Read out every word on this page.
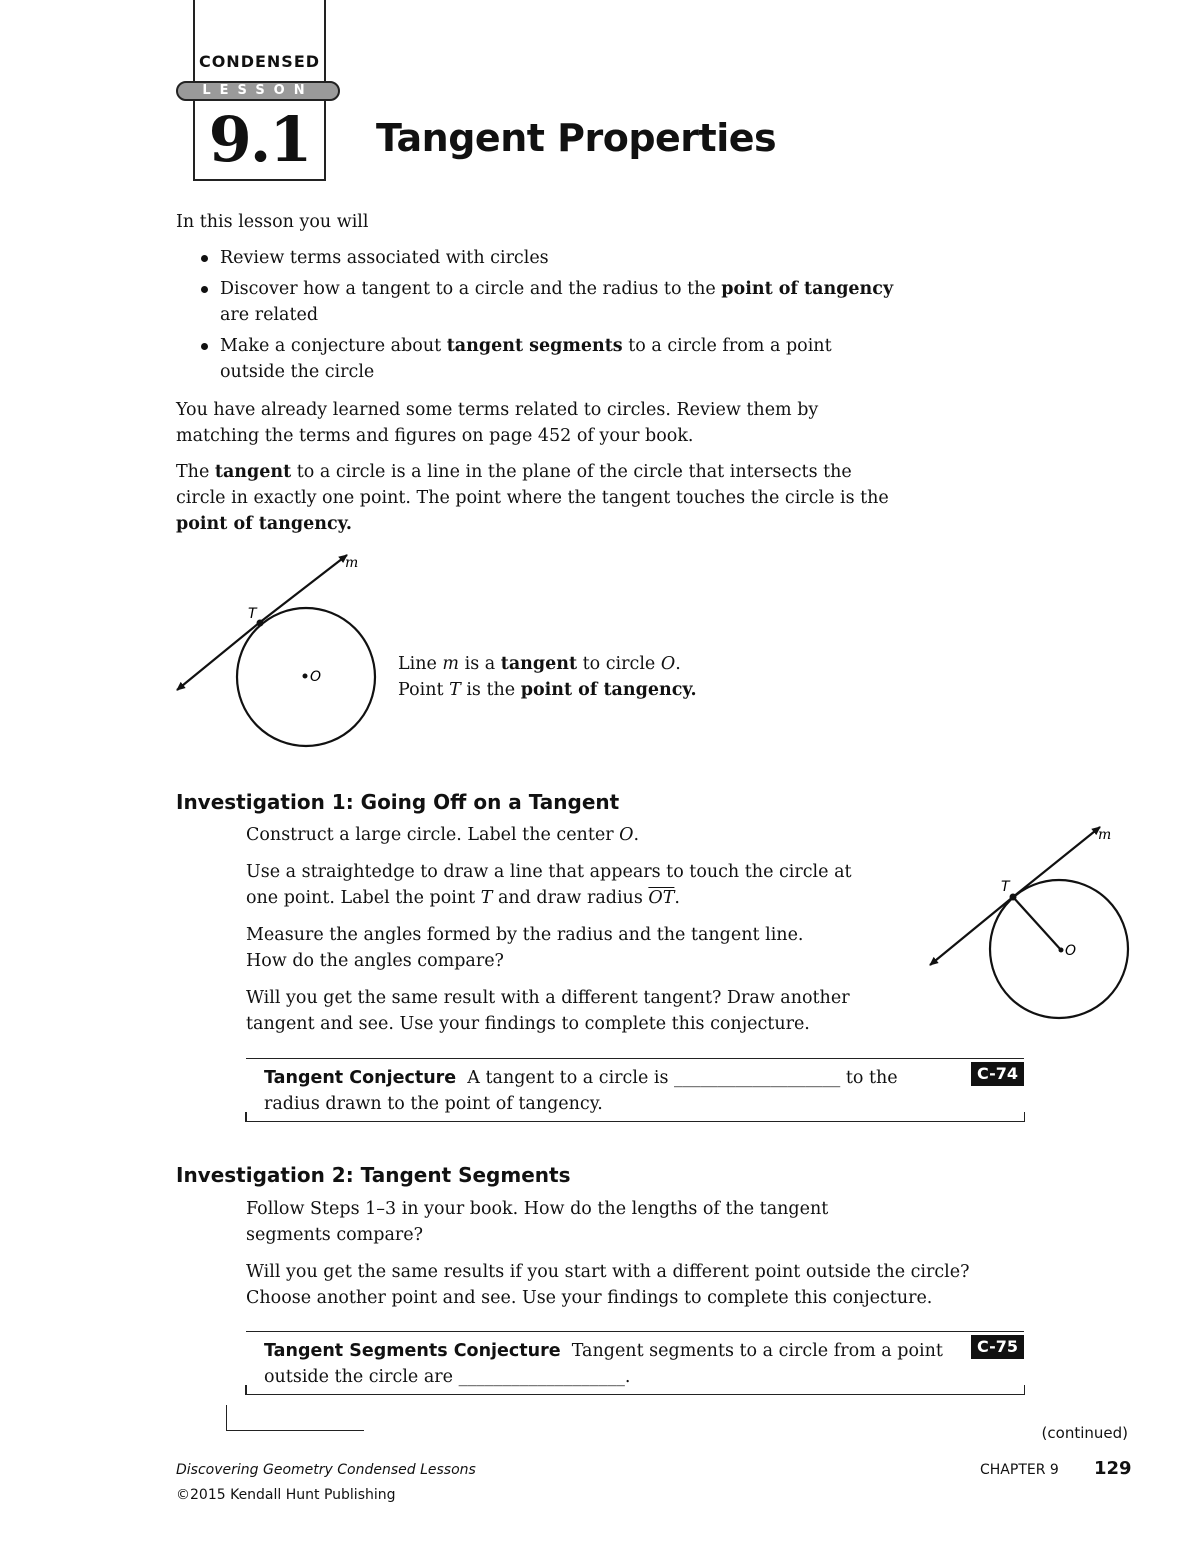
CONDENSED
LESSON
9.1	Tangent Properties

In this lesson you will

Review terms associated with circles
Discover how a tangent to a circle and the radius to the point of tangency are related
Make a conjecture about tangent segments to a circle from a point outside the circle

You have already learned some terms related to circles. Review them by matching the terms and figures on page 452 of your book.

The tangent to a circle is a line in the plane of the circle that intersects the circle in exactly one point. The point where the tangent touches the circle is the point of tangency.

m
T
O
Line m is a tangent to circle O.
Point T is the point of tangency.
Investigation 1: Going Off on a Tangent

Construct a large circle. Label the center O.

Use a straightedge to draw a line that appears to touch the circle at one point. Label the point T and draw radius $\overline{OT}$.

Measure the angles formed by the radius and the tangent line.
How do the angles compare?

Will you get the same result with a different tangent? Draw another tangent and see. Use your findings to complete this conjecture.

m
T
O
Tangent Conjecture A tangent to a circle is ___________________ to the radius drawn to the point of tangency.
C-74
Investigation 2: Tangent Segments

Follow Steps 1–3 in your book. How do the lengths of the tangent segments compare?

Will you get the same results if you start with a different point outside the circle?
Choose another point and see. Use your findings to complete this conjecture.

Tangent Segments Conjecture Tangent segments to a circle from a point outside the circle are ___________________.
C-75
(continued)
Discovering Geometry Condensed Lessons
©2015 Kendall Hunt Publishing
CHAPTER 9 129
